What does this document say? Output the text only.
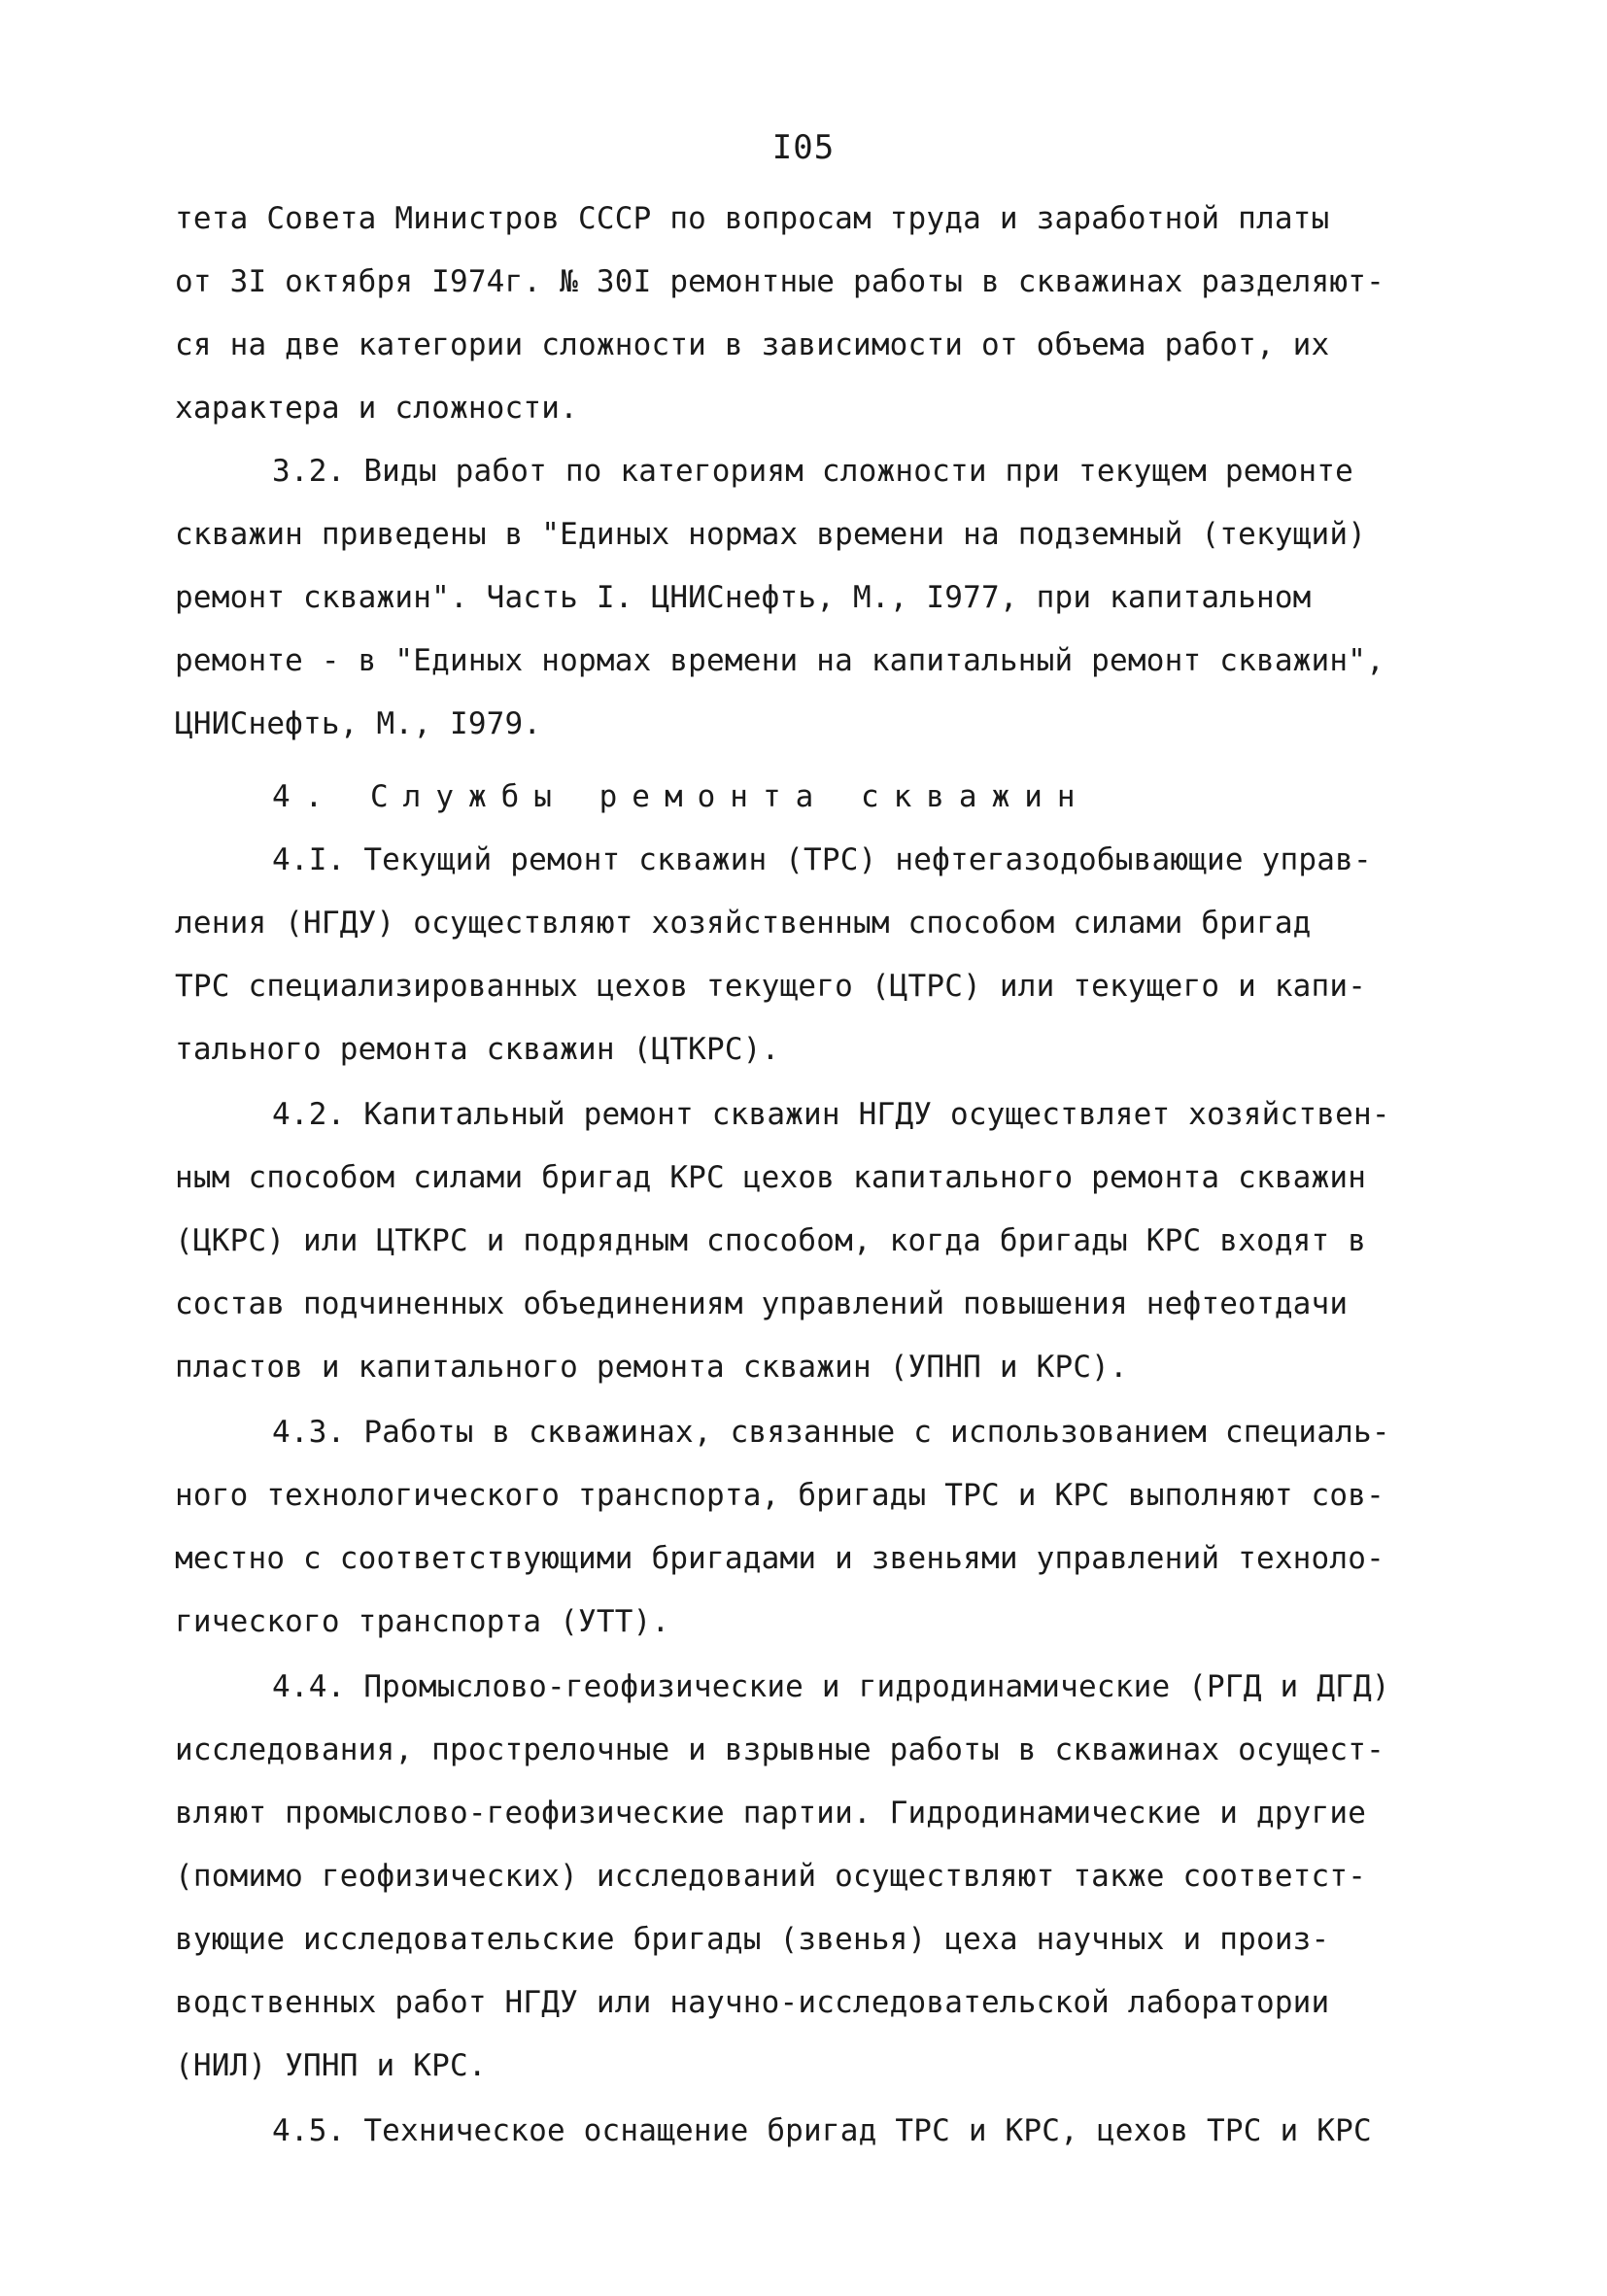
I05
тета Совета Министров СССР по вопросам труда и заработной платы
от 3I октября I974г. № 30I ремонтные работы в скважинах разделяют-
ся на две категории сложности в зависимости от объема работ, их
характера и сложности.
3.2. Виды работ по категориям сложности при текущем ремонте
скважин приведены в "Единых нормах времени на подземный (текущий)
ремонт скважин". Часть I. ЦНИСнефть, М., I977, при капитальном
ремонте - в "Единых нормах времени на капитальный ремонт скважин",
ЦНИСнефть, М., I979.
4. Службы ремонта скважин
4.I. Текущий ремонт скважин (ТРС) нефтегазодобывающие управ-
ления (НГДУ) осуществляют хозяйственным способом силами бригад
ТРС специализированных цехов текущего (ЦТРС) или текущего и капи-
тального ремонта скважин (ЦТКРС).
4.2. Капитальный ремонт скважин НГДУ осуществляет хозяйствен-
ным способом силами бригад КРС цехов капитального ремонта скважин
(ЦКРС) или ЦТКРС и подрядным способом, когда бригады КРС входят в
состав подчиненных объединениям управлений повышения нефтеотдачи
пластов и капитального ремонта скважин (УПНП и КРС).
4.3. Работы в скважинах, связанные с использованием специаль-
ного технологического транспорта, бригады ТРС и КРС выполняют сов-
местно с соответствующими бригадами и звеньями управлений техноло-
гического транспорта (УТТ).
4.4. Промыслово-геофизические и гидродинамические (РГД и ДГД)
исследования, прострелочные и взрывные работы в скважинах осущест-
вляют промыслово-геофизические партии. Гидродинамические и другие
(помимо геофизических) исследований осуществляют также соответст-
вующие исследовательские бригады (звенья) цеха научных и произ-
водственных работ НГДУ или научно-исследовательской лаборатории
(НИЛ) УПНП и КРС.
4.5. Техническое оснащение бригад ТРС и КРС, цехов ТРС и КРС
